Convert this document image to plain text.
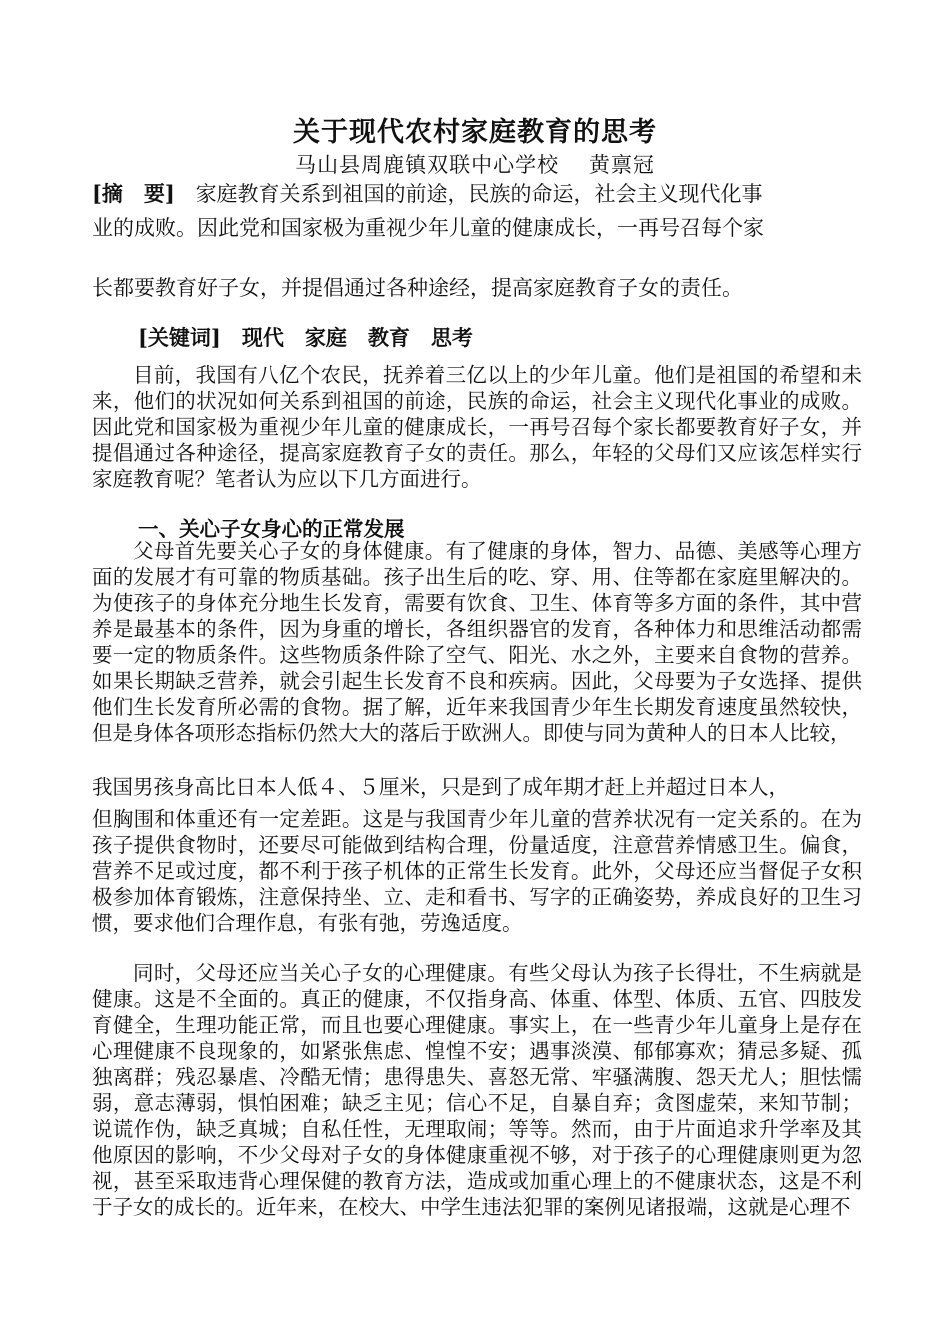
关于现代农村家庭教育的思考
马山县周鹿镇双联中心学校　 黄禀冠
[摘　要] 家庭教育关系到祖国的前途，民族的命运，社会主义现代化事
业的成败。因此党和国家极为重视少年儿童的健康成长，一再号召每个家
长都要教育好子女，并提倡通过各种途经，提高家庭教育子女的责任。
[关键词]　现代　家庭　教育　思考

目前，我国有八亿个农民，抚养着三亿以上的少年儿童。他们是祖国的希望和未来，他们的状况如何关系到祖国的前途，民族的命运，社会主义现代化事业的成败。因此党和国家极为重视少年儿童的健康成长，一再号召每个家长都要教育好子女，并提倡通过各种途径，提高家庭教育子女的责任。那么，年轻的父母们又应该怎样实行家庭教育呢？笔者认为应以下几方面进行。

一、关心子女身心的正常发展

父母首先要关心子女的身体健康。有了健康的身体，智力、品德、美感等心理方面的发展才有可靠的物质基础。孩子出生后的吃、穿、用、住等都在家庭里解决的。为使孩子的身体充分地生长发育，需要有饮食、卫生、体育等多方面的条件，其中营养是最基本的条件，因为身重的增长，各组织器官的发育，各种体力和思维活动都需要一定的物质条件。这些物质条件除了空气、阳光、水之外，主要来自食物的营养。如果长期缺乏营养，就会引起生长发育不良和疾病。因此，父母要为子女选择、提供他们生长发育所必需的食物。据了解，近年来我国青少年生长期发育速度虽然较快，但是身体各项形态指标仍然大大的落后于欧洲人。即使与同为黄种人的日本人比较，

我国男孩身高比日本人低４、５厘米，只是到了成年期才赶上并超过日本人，

但胸围和体重还有一定差距。这是与我国青少年儿童的营养状况有一定关系的。在为孩子提供食物时，还要尽可能做到结构合理，份量适度，注意营养情感卫生。偏食，营养不足或过度，都不利于孩子机体的正常生长发育。此外，父母还应当督促子女积极参加体育锻炼，注意保持坐、立、走和看书、写字的正确姿势，养成良好的卫生习惯，要求他们合理作息，有张有弛，劳逸适度。

同时，父母还应当关心子女的心理健康。有些父母认为孩子长得壮，不生病就是健康。这是不全面的。真正的健康，不仅指身高、体重、体型、体质、五官、四肢发育健全，生理功能正常，而且也要心理健康。事实上，在一些青少年儿童身上是存在心理健康不良现象的，如紧张焦虑、惶惶不安；遇事淡漠、郁郁寡欢；猜忌多疑、孤独离群；残忍暴虐、冷酷无情；患得患失、喜怒无常、牢骚满腹、怨天尤人；胆怯懦弱，意志薄弱，惧怕困难；缺乏主见；信心不足，自暴自弃；贪图虚荣，来知节制；说谎作伪，缺乏真城；自私任性，无理取闹；等等。然而，由于片面追求升学率及其他原因的影响，不少父母对子女的身体健康重视不够，对于孩子的心理健康则更为忽视，甚至采取违背心理保健的教育方法，造成或加重心理上的不健康状态，这是不利于子女的成长的。近年来，在校大、中学生违法犯罪的案例见诸报端，这就是心理不
